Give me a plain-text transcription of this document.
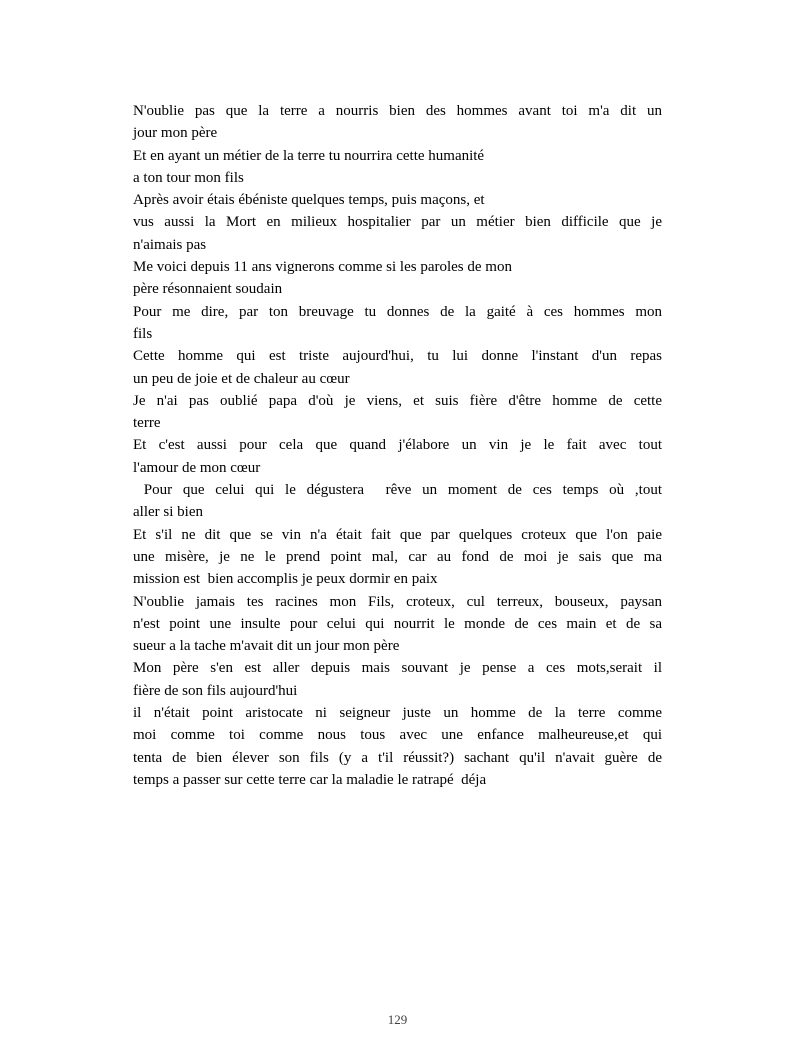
N'oublie pas que la terre a nourris bien des hommes avant toi m'a dit un
jour mon père
Et en ayant un métier de la terre tu nourrira cette humanité
a ton tour mon fils
Après avoir étais ébéniste quelques temps, puis maçons, et
vus aussi la Mort en milieux hospitalier par un métier bien difficile que je
n'aimais pas
Me voici depuis 11 ans vignerons comme si les paroles de mon
père résonnaient soudain
Pour me dire, par ton breuvage tu donnes de la gaité à ces hommes mon
fils
Cette homme qui est triste aujourd'hui, tu lui donne l'instant d'un repas
un peu de joie et de chaleur au cœur
Je n'ai pas oublié papa d'où je viens, et suis fière d'être homme de cette
terre
Et c'est aussi pour cela que quand j'élabore un vin je le fait avec tout
l'amour de mon cœur
Pour que celui qui le dégustera  rêve un moment de ces temps où ,tout
aller si bien
Et s'il ne dit que se vin n'a était fait que par quelques croteux que l'on paie
une misère, je ne le prend point mal, car au fond de moi je sais que ma
mission est  bien accomplis je peux dormir en paix
N'oublie jamais tes racines mon Fils, croteux, cul terreux, bouseux, paysan
n'est point une insulte pour celui qui nourrit le monde de ces main et de sa
sueur a la tache m'avait dit un jour mon père
Mon père s'en est aller depuis mais souvant je pense a ces mots,serait il
fière de son fils aujourd'hui
il n'était point aristocate ni seigneur juste un homme de la terre comme
moi comme toi comme nous tous avec une enfance malheureuse,et qui
tenta de bien élever son fils (y a t'il réussit?) sachant qu'il n'avait guère de
temps a passer sur cette terre car la maladie le ratrapé  déja
129
